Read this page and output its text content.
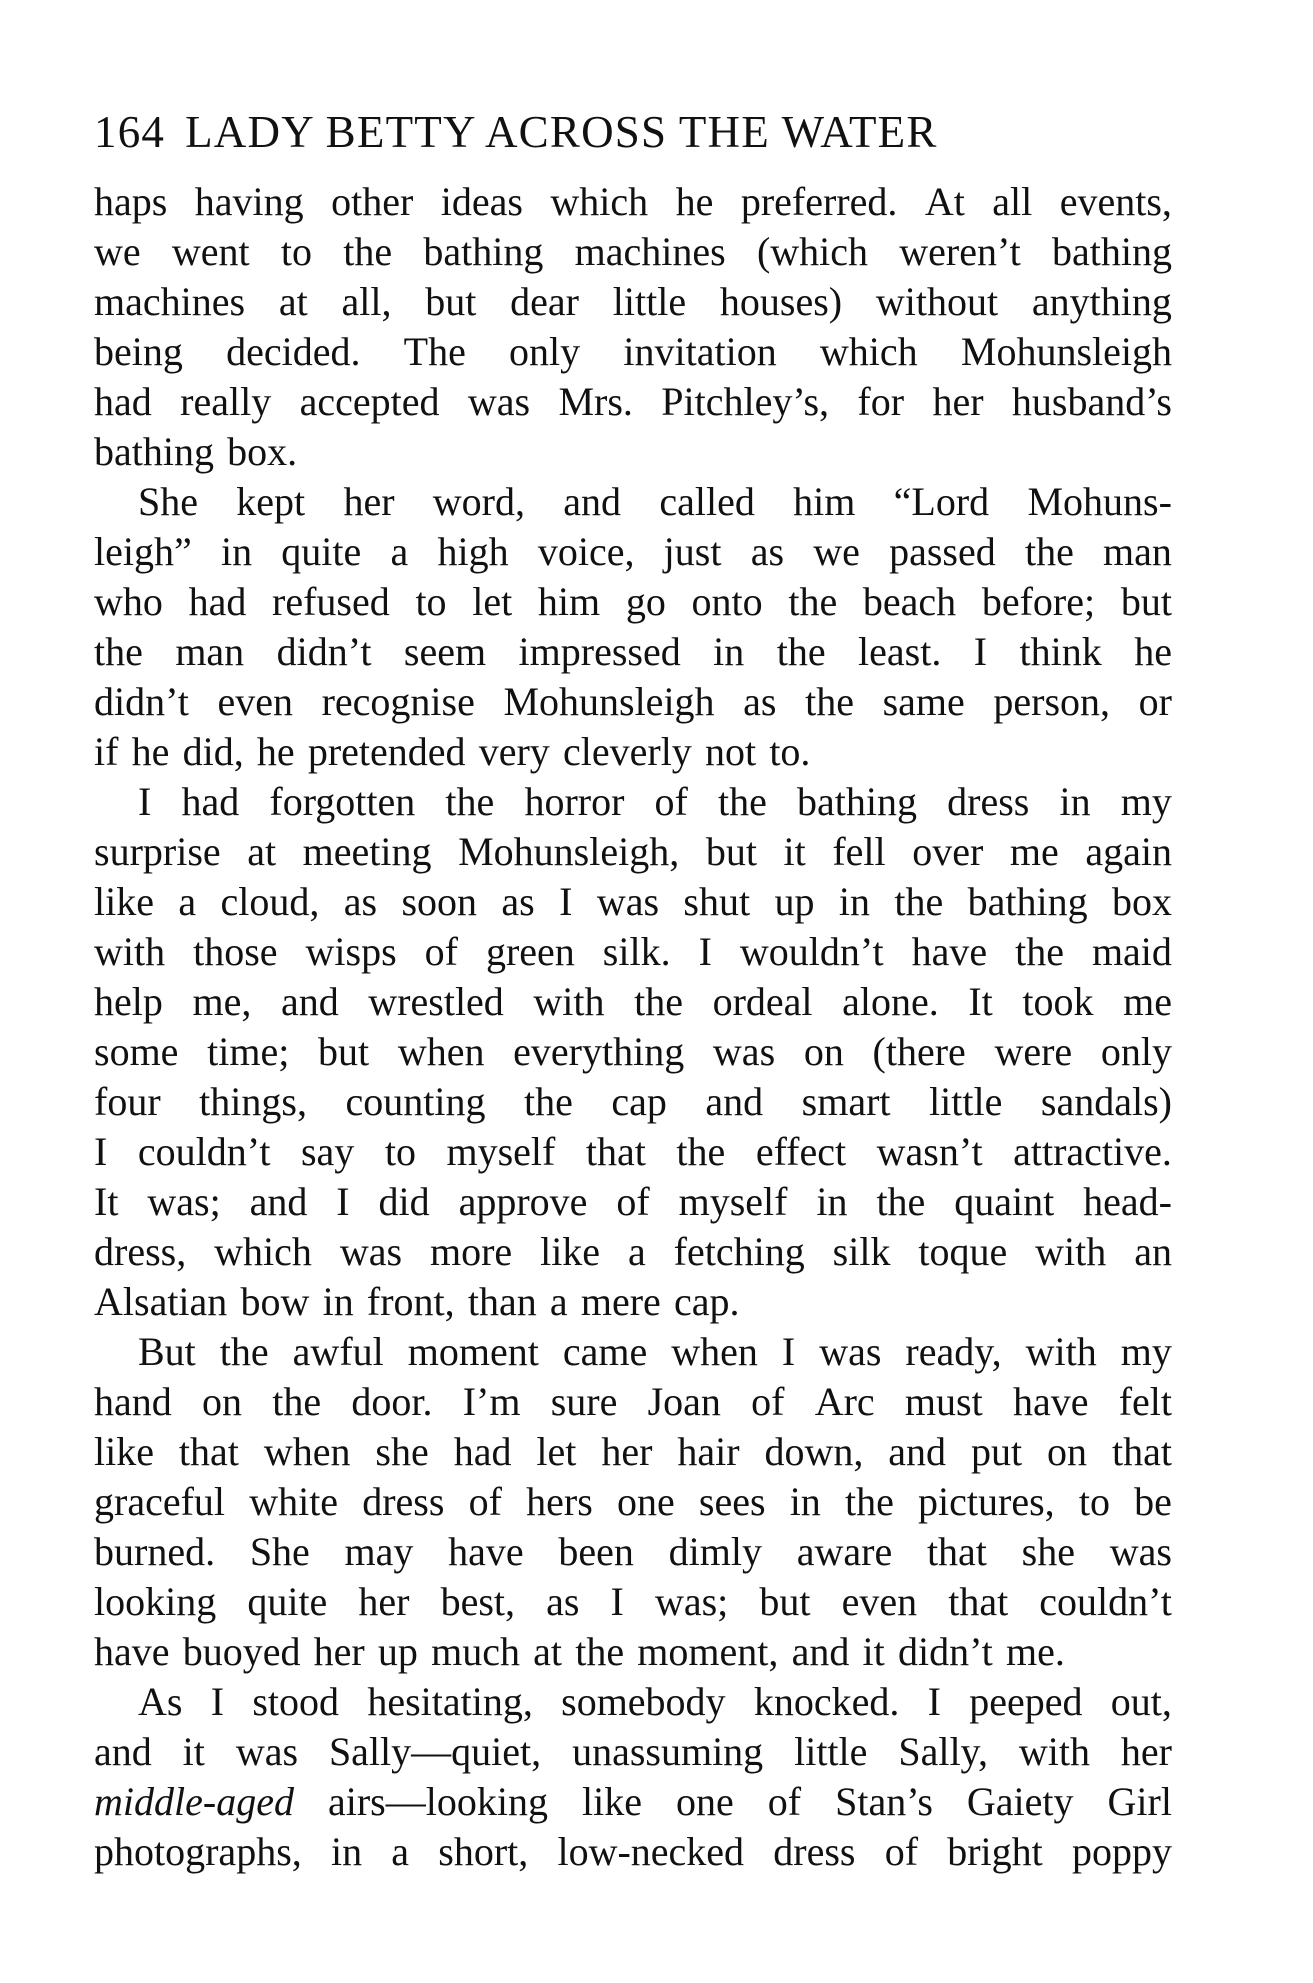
164 LADY BETTY ACROSS THE WATER
haps having other ideas which he preferred. At all events,
we went to the bathing machines (which weren’t bathing
machines at all, but dear little houses) without anything
being decided. The only invitation which Mohunsleigh
had really accepted was Mrs. Pitchley’s, for her husband’s
bathing box.
She kept her word, and called him “Lord Mohuns-
leigh” in quite a high voice, just as we passed the man
who had refused to let him go onto the beach before; but
the man didn’t seem impressed in the least. I think he
didn’t even recognise Mohunsleigh as the same person, or
if he did, he pretended very cleverly not to.
I had forgotten the horror of the bathing dress in my
surprise at meeting Mohunsleigh, but it fell over me again
like a cloud, as soon as I was shut up in the bathing box
with those wisps of green silk. I wouldn’t have the maid
help me, and wrestled with the ordeal alone. It took me
some time; but when everything was on (there were only
four things, counting the cap and smart little sandals)
I couldn’t say to myself that the effect wasn’t attractive.
It was; and I did approve of myself in the quaint head-
dress, which was more like a fetching silk toque with an
Alsatian bow in front, than a mere cap.
But the awful moment came when I was ready, with my
hand on the door. I’m sure Joan of Arc must have felt
like that when she had let her hair down, and put on that
graceful white dress of hers one sees in the pictures, to be
burned. She may have been dimly aware that she was
looking quite her best, as I was; but even that couldn’t
have buoyed her up much at the moment, and it didn’t me.
As I stood hesitating, somebody knocked. I peeped out,
and it was Sally—quiet, unassuming little Sally, with her
middle-aged airs—looking like one of Stan’s Gaiety Girl
photographs, in a short, low-necked dress of bright poppy
